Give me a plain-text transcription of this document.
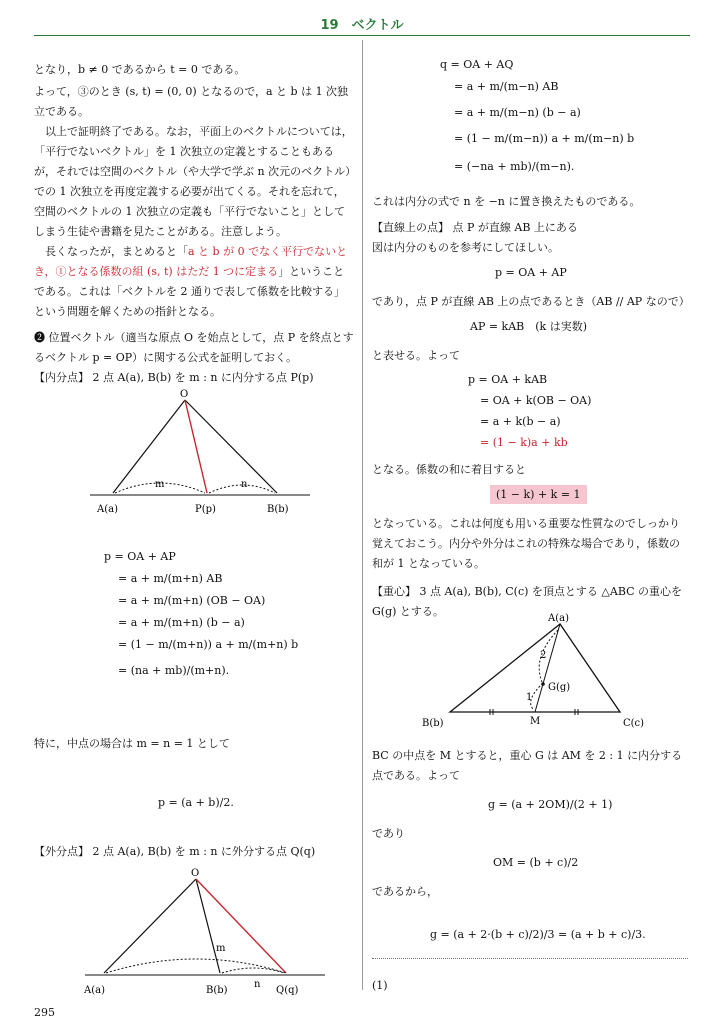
19　ベクトル

となり，b ≠ 0 であるから t = 0 である。

よって，③のとき (s, t) = (0, 0) となるので，a と b は 1 次独立である。

以上で証明終了である。なお，平面上のベクトルについては，「平行でないベクトル」を 1 次独立の定義とすることもあるが，それでは空間のベクトル（や大学で学ぶ n 次元のベクトル）での 1 次独立を再度定義する必要が出てくる。それを忘れて，空間のベクトルの 1 次独立の定義も「平行でないこと」としてしまう生徒や書籍を見たことがある。注意しよう。

長くなったが，まとめると「a と b が 0 でなく平行でないとき，①となる係数の組 (s, t) はただ 1 つに定まる」ということである。これは「ベクトルを 2 通りで表して係数を比較する」という問題を解くための指針となる。

❷ 位置ベクトル（適当な原点 O を始点として，点 P を終点とするベクトル p = OP）に関する公式を証明しておく。

【内分点】 2 点 A(a), B(b) を m : n に内分する点 P(p)

O
m	n
A(a)	P(p)	B(b)
p = OA + AP
= a + m/(m+n) AB
= a + m/(m+n) (OB − OA)
= a + m/(m+n) (b − a)
= (1 − m/(m+n)) a + m/(m+n) b
= (na + mb)/(m+n).
特に，中点の場合は m = n = 1 として
p = (a + b)/2.
【外分点】 2 点 A(a), B(b) を m : n に外分する点 Q(q)
O
m
n
A(a)	B(b)	Q(q)
295
q = OA + AQ
= a + m/(m−n) AB
= a + m/(m−n) (b − a)
= (1 − m/(m−n)) a + m/(m−n) b
= (−na + mb)/(m−n).

これは内分の式で n を −n に置き換えたものである。

【直線上の点】 点 P が直線 AB 上にある

図は内分のものを参考にしてほしい。

p = OA + AP
であり，点 P が直線 AB 上の点であるとき（AB // AP なので）
AP = kAB　(k は実数)
と表せる。よって
p = OA + kAB
= OA + k(OB − OA)
= a + k(b − a)
= (1 − k)a + kb
となる。係数の和に着目すると
(1 − k) + k = 1

となっている。これは何度も用いる重要な性質なのでしっかり覚えておこう。内分や外分はこれの特殊な場合であり，係数の和が 1 となっている。

【重心】 3 点 A(a), B(b), C(c) を頂点とする △ABC の重心を G(g) とする。

A(a)
B(b)	C(c)
G(g)
M
2
1
BC の中点を M とすると，重心 G は AM を 2 : 1 に内分する点である。よって
g = (a + 2OM)/(2 + 1)
であり
OM = (b + c)/2
であるから，
g = (a + 2·(b + c)/2)/3 = (a + b + c)/3.
(1)
